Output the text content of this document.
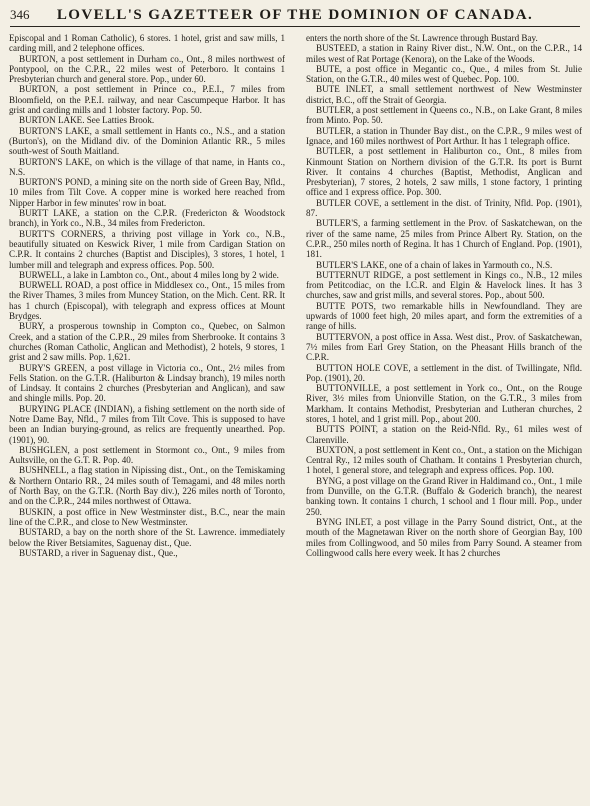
346	LOVELL'S GAZETTEER OF THE DOMINION OF CANADA.

Episcopal and 1 Roman Catholic), 6 stores. 1 hotel, grist and saw mills, 1 carding mill, and 2 telephone offices.

BURTON, a post settlement in Durham co., Ont., 8 miles northwest of Pontypool, on the C.P.R., 22 miles west of Peterboro. It contains 1 Presbyterian church and general store. Pop., under 60.

BURTON, a post settlement in Prince co., P.E.I., 7 miles from Bloomfield, on the P.E.I. railway, and near Cascumpeque Harbor. It has grist and carding mills and 1 lobster factory. Pop. 50.

BURTON LAKE. See Latties Brook.

BURTON'S LAKE, a small settlement in Hants co., N.S., and a station (Burton's), on the Midland div. of the Dominion Atlantic RR., 5 miles south-west of South Maitland.

BURTON'S LAKE, on which is the village of that name, in Hants co., N.S.

BURTON'S POND, a mining site on the north side of Green Bay, Nfld., 10 miles from Tilt Cove. A copper mine is worked here reached from Nipper Harbor in few minutes' row in boat.

BURTT LAKE, a station on the C.P.R. (Fredericton & Woodstock branch), in York co., N.B., 34 miles from Fredericton.

BURTT'S CORNERS, a thriving post village in York co., N.B., beautifully situated on Keswick River, 1 mile from Cardigan Station on C.P.R. It contains 2 churches (Baptist and Disciples), 3 stores, 1 hotel, 1 lumber mill and telegraph and express offices. Pop. 500.

BURWELL, a lake in Lambton co., Ont., about 4 miles long by 2 wide.

BURWELL ROAD, a post office in Middlesex co., Ont., 15 miles from the River Thames, 3 miles from Muncey Station, on the Mich. Cent. RR. It has 1 church (Episcopal), with telegraph and express offices at Mount Brydges.

BURY, a prosperous township in Compton co., Quebec, on Salmon Creek, and a station of the C.P.R., 29 miles from Sherbrooke. It contains 3 churches (Roman Catholic, Anglican and Methodist), 2 hotels, 9 stores, 1 grist and 2 saw mills. Pop. 1,621.

BURY'S GREEN, a post village in Victoria co., Ont., 2½ miles from Fells Station. on the G.T.R. (Haliburton & Lindsay branch), 19 miles north of Lindsay. It contains 2 churches (Presbyterian and Anglican), and saw and shingle mills. Pop. 20.

BURYING PLACE (INDIAN), a fishing settlement on the north side of Notre Dame Bay, Nfld., 7 miles from Tilt Cove. This is supposed to have been an Indian burying-ground, as relics are frequently unearthed. Pop. (1901), 90.

BUSHGLEN, a post settlement in Stormont co., Ont., 9 miles from Aultsville, on the G.T. R. Pop. 40.

BUSHNELL, a flag station in Nipissing dist., Ont., on the Temiskaming & Northern Ontario RR., 24 miles south of Temagami, and 48 miles north of North Bay, on the G.T.R. (North Bay div.), 226 miles north of Toronto, and on the C.P.R., 244 miles northwest of Ottawa.

BUSKIN, a post office in New Westminster dist., B.C., near the main line of the C.P.R., and close to New Westminster.

BUSTARD, a bay on the north shore of the St. Lawrence. immediately below the River Betsiamites, Saguenay dist., Que.

BUSTARD, a river in Saguenay dist., Que.,

enters the north shore of the St. Lawrence through Bustard Bay.

BUSTEED, a station in Rainy River dist., N.W. Ont., on the C.P.R., 14 miles west of Rat Portage (Kenora), on the Lake of the Woods.

BUTE, a post office in Megantic co., Que., 4 miles from St. Julie Station, on the G.T.R., 40 miles west of Quebec. Pop. 100.

BUTE INLET, a small settlement northwest of New Westminster district, B.C., off the Strait of Georgia.

BUTLER, a post settlement in Queens co., N.B., on Lake Grant, 8 miles from Minto. Pop. 50.

BUTLER, a station in Thunder Bay dist., on the C.P.R., 9 miles west of Ignace, and 160 miles northwest of Port Arthur. It has 1 telegraph office.

BUTLER, a post settlement in Haliburton co., Ont., 8 miles from Kinmount Station on Northern division of the G.T.R. Its port is Burnt River. It contains 4 churches (Baptist, Methodist, Anglican and Presbyterian), 7 stores, 2 hotels, 2 saw mills, 1 stone factory, 1 printing office and 1 express office. Pop. 300.

BUTLER COVE, a settlement in the dist. of Trinity, Nfld. Pop. (1901), 87.

BUTLER'S, a farming settlement in the Prov. of Saskatchewan, on the river of the same name, 25 miles from Prince Albert Ry. Station, on the C.P.R., 250 miles north of Regina. It has 1 Church of England. Pop. (1901), 181.

BUTLER'S LAKE, one of a chain of lakes in Yarmouth co., N.S.

BUTTERNUT RIDGE, a post settlement in Kings co., N.B., 12 miles from Petitcodiac, on the I.C.R. and Elgin & Havelock lines. It has 3 churches, saw and grist mills, and several stores. Pop., about 500.

BUTTE POTS, two remarkable hills in Newfoundland. They are upwards of 1000 feet high, 20 miles apart, and form the extremities of a range of hills.

BUTTERVON, a post office in Assa. West dist., Prov. of Saskatchewan, 7½ miles from Earl Grey Station, on the Pheasant Hills branch of the C.P.R.

BUTTON HOLE COVE, a settlement in the dist. of Twillingate, Nfld. Pop. (1901), 20.

BUTTONVILLE, a post settlement in York co., Ont., on the Rouge River, 3½ miles from Unionville Station, on the G.T.R., 3 miles from Markham. It contains Methodist, Presbyterian and Lutheran churches, 2 stores, 1 hotel, and 1 grist mill. Pop., about 200.

BUTTS POINT, a station on the Reid-Nfld. Ry., 61 miles west of Clarenville.

BUXTON, a post settlement in Kent co., Ont., a station on the Michigan Central Ry., 12 miles south of Chatham. It contains 1 Presbyterian church, 1 hotel, 1 general store, and telegraph and express offices. Pop. 100.

BYNG, a post village on the Grand River in Haldimand co., Ont., 1 mile from Dunville, on the G.T.R. (Buffalo & Goderich branch), the nearest banking town. It contains 1 church, 1 school and 1 flour mill. Pop., under 250.

BYNG INLET, a post village in the Parry Sound district, Ont., at the mouth of the Magnetawan River on the north shore of Georgian Bay, 100 miles from Collingwood, and 50 miles from Parry Sound. A steamer from Collingwood calls here every week. It has 2 churches
